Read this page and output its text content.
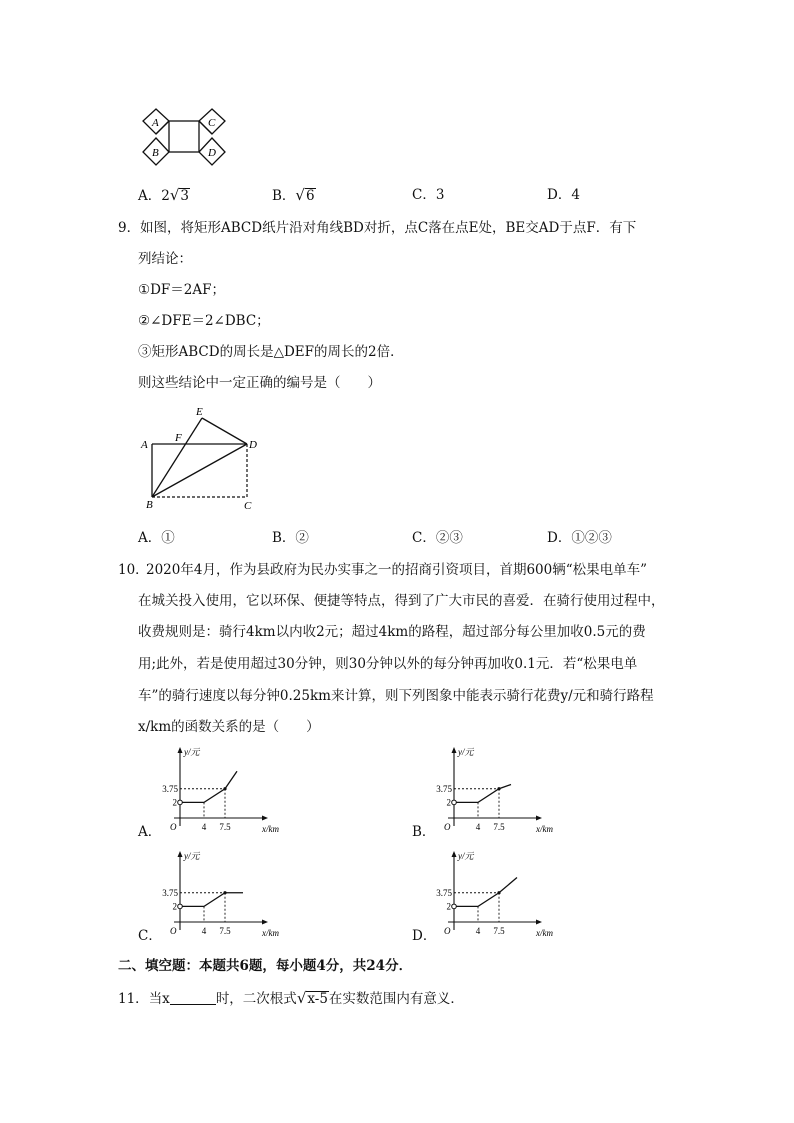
A
B
C
D
A．2√3	B．√6	C．3	D．4
9． 如图，将矩形ABCD纸片沿对角线BD对折，点C落在点E处，BE交AD于点F．有下
列结论：
①DF＝2AF；
②∠DFE＝2∠DBC；
③矩形ABCD的周长是△DEF的周长的2倍．
则这些结论中一定正确的编号是（　　）
A
B	C
D
E
F
A．①	B．②	C．②③	D．①②③
10．
2020年4月，作为县政府为民办实事之一的招商引资项目，首期600辆“松果电单车”
在城关投入使用，它以环保、便捷等特点，得到了广大市民的喜爱．在骑行使用过程中，
收费规则是：骑行4km以内收2元；超过4km的路程，超过部分每公里加收0.5元的费
用;此外，若是使用超过30分钟，则30分钟以外的每分钟再加收0.1元．若“松果电单
车”的骑行速度以每分钟0.25km来计算，则下列图象中能表示骑行花费y/元和骑行路程
x/km的函数关系的是（　　）
A．	B．
C．	D．
y/元
x/km
O
3.75
2
4 7.5
y/元
x/km
O
3.75
2
4 7.5
y/元
x/km
O
3.75
2
4 7.5
y/元
x/km
O
3.75
2
4 7.5
二、填空题：本题共6题，每小题4分，共24分．
11．当x	时，二次根式√x-5在实数范围内有意义．
